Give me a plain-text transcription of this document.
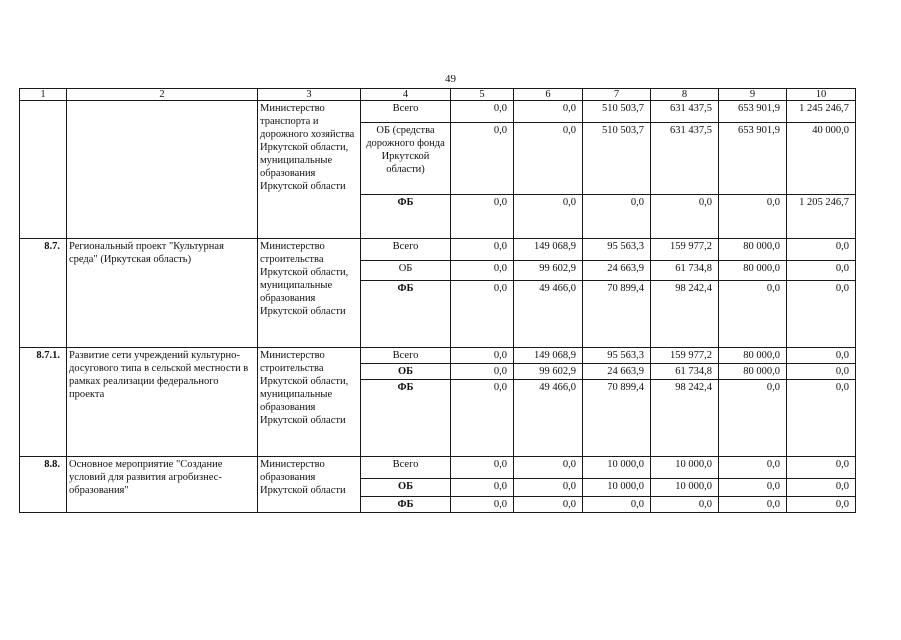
49
1	2	3	4	5	6	7	8	9	10
		Министерство транспорта и дорожного хозяйства Иркутской области, муниципальные образования Иркутской области	Всего	0,0	0,0	510 503,7	631 437,5	653 901,9	1 245 246,7
			ОБ (средства дорожного фонда Иркутской области)	0,0	0,0	510 503,7	631 437,5	653 901,9	40 000,0
			ФБ	0,0	0,0	0,0	0,0	0,0	1 205 246,7
8.7.	Региональный проект "Культурная среда" (Иркутская область)	Министерство строительства Иркутской области, муниципальные образования Иркутской области	Всего	0,0	149 068,9	95 563,3	159 977,2	80 000,0	0,0
			ОБ	0,0	99 602,9	24 663,9	61 734,8	80 000,0	0,0
			ФБ	0,0	49 466,0	70 899,4	98 242,4	0,0	0,0
8.7.1.	Развитие сети учреждений культурно-досугового типа в сельской местности в рамках реализации федерального проекта	Министерство строительства Иркутской области, муниципальные образования Иркутской области	Всего	0,0	149 068,9	95 563,3	159 977,2	80 000,0	0,0
			ОБ	0,0	99 602,9	24 663,9	61 734,8	80 000,0	0,0
			ФБ	0,0	49 466,0	70 899,4	98 242,4	0,0	0,0
8.8.	Основное мероприятие "Создание условий для развития агробизнес-образования"	Министерство образования Иркутской области	Всего	0,0	0,0	10 000,0	10 000,0	0,0	0,0
			ОБ	0,0	0,0	10 000,0	10 000,0	0,0	0,0
			ФБ	0,0	0,0	0,0	0,0	0,0	0,0
